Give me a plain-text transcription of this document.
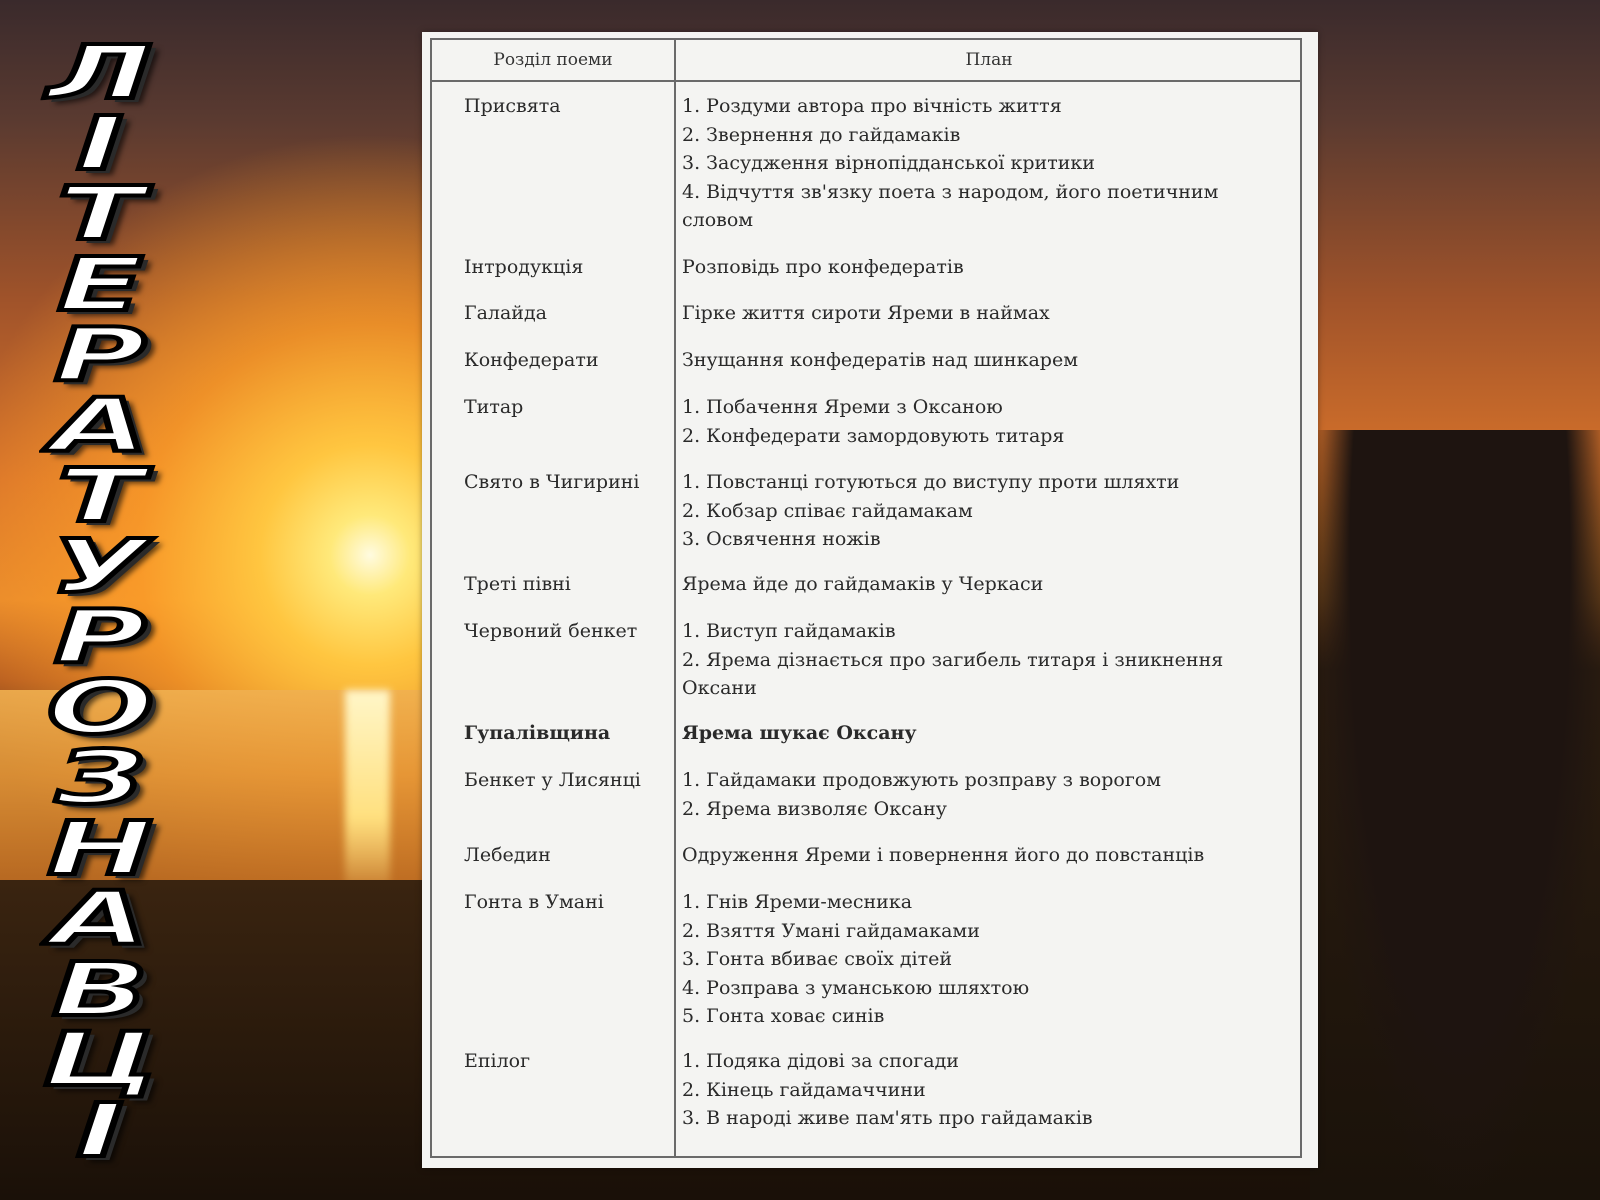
Л
І
Т
Е
Р
А
Т
У
Р
О
З
Н
А
В
Ц
І
Розділ поеми	План
Присвята	1. Роздуми автора про вічність життя
2. Звернення до гайдамаків
3. Засудження вірнопідданської критики
4. Відчуття зв'язку поета з народом, його поетичним словом
Інтродукція	Розповідь про конфедератів
Галайда	Гірке життя сироти Яреми в наймах
Конфедерати	Знущання конфедератів над шинкарем
Титар	1. Побачення Яреми з Оксаною
2. Конфедерати замордовують титаря
Свято в Чигирині	1. Повстанці готуються до виступу проти шляхти
2. Кобзар співає гайдамакам
3. Освячення ножів
Треті півні	Ярема йде до гайдамаків у Черкаси
Червоний бенкет	1. Виступ гайдамаків
2. Ярема дізнається про загибель титаря і зникнення Оксани
Гупалівщина	Ярема шукає Оксану
Бенкет у Лисянці	1. Гайдамаки продовжують розправу з ворогом
2. Ярема визволяє Оксану
Лебедин	Одруження Яреми і повернення його до повстанців
Гонта в Умані	1. Гнів Яреми-месника
2. Взяття Умані гайдамаками
3. Гонта вбиває своїх дітей
4. Розправа з уманською шляхтою
5. Гонта ховає синів
Епілог	1. Подяка дідові за спогади
2. Кінець гайдамаччини
3. В народі живе пам'ять про гайдамаків
